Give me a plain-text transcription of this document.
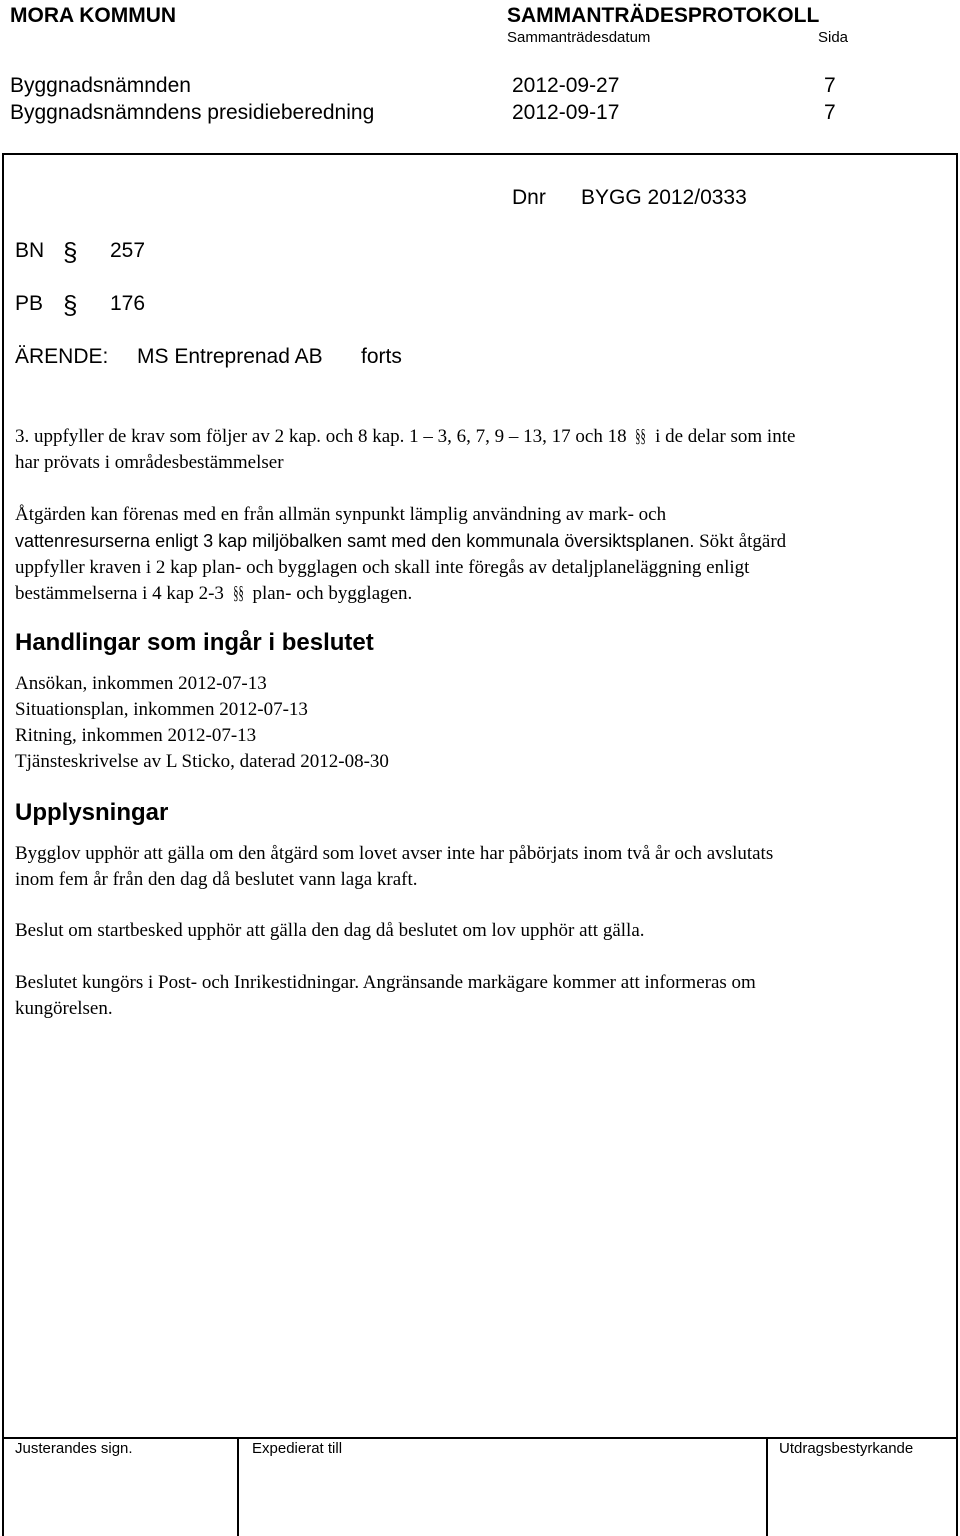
MORA KOMMUN	SAMMANTRÄDESPROTOKOLL
Sammanträdesdatum	Sida
Byggnadsnämnden	2012-09-27	7
Byggnadsnämndens presidieberedning	2012-09-17	7
Dnr BYGG 2012/0333
BN § 257
PB § 176
ÄRENDE: MS Entreprenad AB forts
3. uppfyller de krav som följer av 2 kap. och 8 kap. 1 – 3, 6, 7, 9 – 13, 17 och 18 §§ i de delar som inte
har prövats i områdesbestämmelser
Åtgärden kan förenas med en från allmän synpunkt lämplig användning av mark- och
vattenresurserna enligt 3 kap miljöbalken samt med den kommunala översiktsplanen. Sökt åtgärd
uppfyller kraven i 2 kap plan- och bygglagen och skall inte föregås av detaljplaneläggning enligt
bestämmelserna i 4 kap 2-3 §§ plan- och bygglagen.
Handlingar som ingår i beslutet
Ansökan, inkommen 2012-07-13
Situationsplan, inkommen 2012-07-13
Ritning, inkommen 2012-07-13
Tjänsteskrivelse av L Sticko, daterad 2012-08-30
Upplysningar
Bygglov upphör att gälla om den åtgärd som lovet avser inte har påbörjats inom två år och avslutats
inom fem år från den dag då beslutet vann laga kraft.
Beslut om startbesked upphör att gälla den dag då beslutet om lov upphör att gälla.
Beslutet kungörs i Post- och Inrikestidningar. Angränsande markägare kommer att informeras om
kungörelsen.
Justerandes sign.	Expedierat till	Utdragsbestyrkande
